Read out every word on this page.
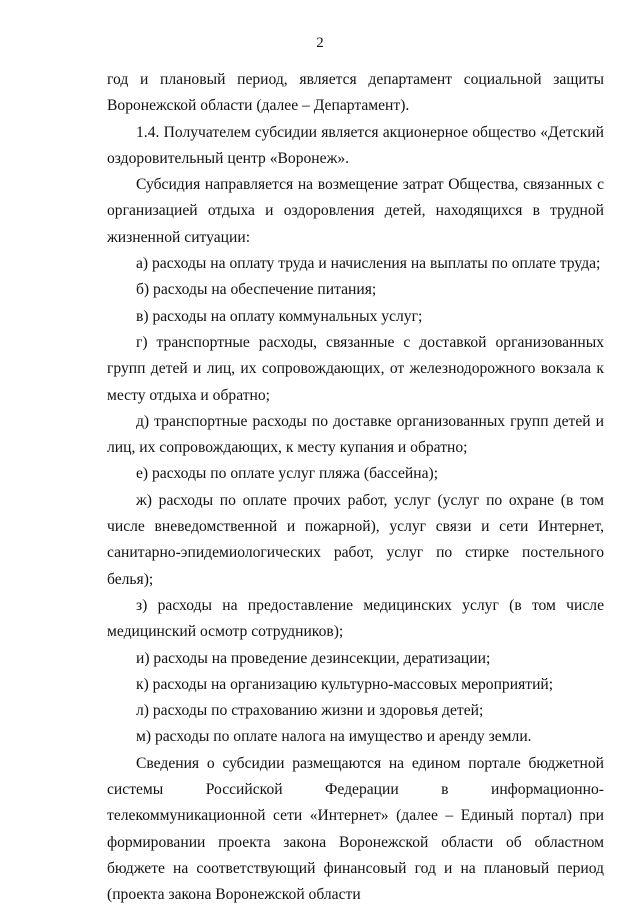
2

год и плановый период, является департамент социальной защиты Воронежской области (далее – Департамент).

1.4. Получателем субсидии является акционерное общество «Детский оздоровительный центр «Воронеж».

Субсидия направляется на возмещение затрат Общества, связанных с организацией отдыха и оздоровления детей, находящихся в трудной жизненной ситуации:

а) расходы на оплату труда и начисления на выплаты по оплате труда;

б) расходы на обеспечение питания;

в) расходы на оплату коммунальных услуг;

г) транспортные расходы, связанные с доставкой организованных групп детей и лиц, их сопровождающих, от железнодорожного вокзала к месту отдыха и обратно;

д) транспортные расходы по доставке организованных групп детей и лиц, их сопровождающих, к месту купания и обратно;

е) расходы по оплате услуг пляжа (бассейна);

ж) расходы по оплате прочих работ, услуг (услуг по охране (в том числе вневедомственной и пожарной), услуг связи и сети Интернет, санитарно-эпидемиологических работ, услуг по стирке постельного белья);

з) расходы на предоставление медицинских услуг (в том числе медицинский осмотр сотрудников);

и) расходы на проведение дезинсекции, дератизации;

к) расходы на организацию культурно-массовых мероприятий;

л) расходы по страхованию жизни и здоровья детей;

м) расходы по оплате налога на имущество и аренду земли.

Сведения о субсидии размещаются на едином портале бюджетной системы Российской Федерации в информационно-телекоммуникационной сети «Интернет» (далее – Единый портал) при формировании проекта закона Воронежской области об областном бюджете на соответствующий финансовый год и на плановый период (проекта закона Воронежской области
